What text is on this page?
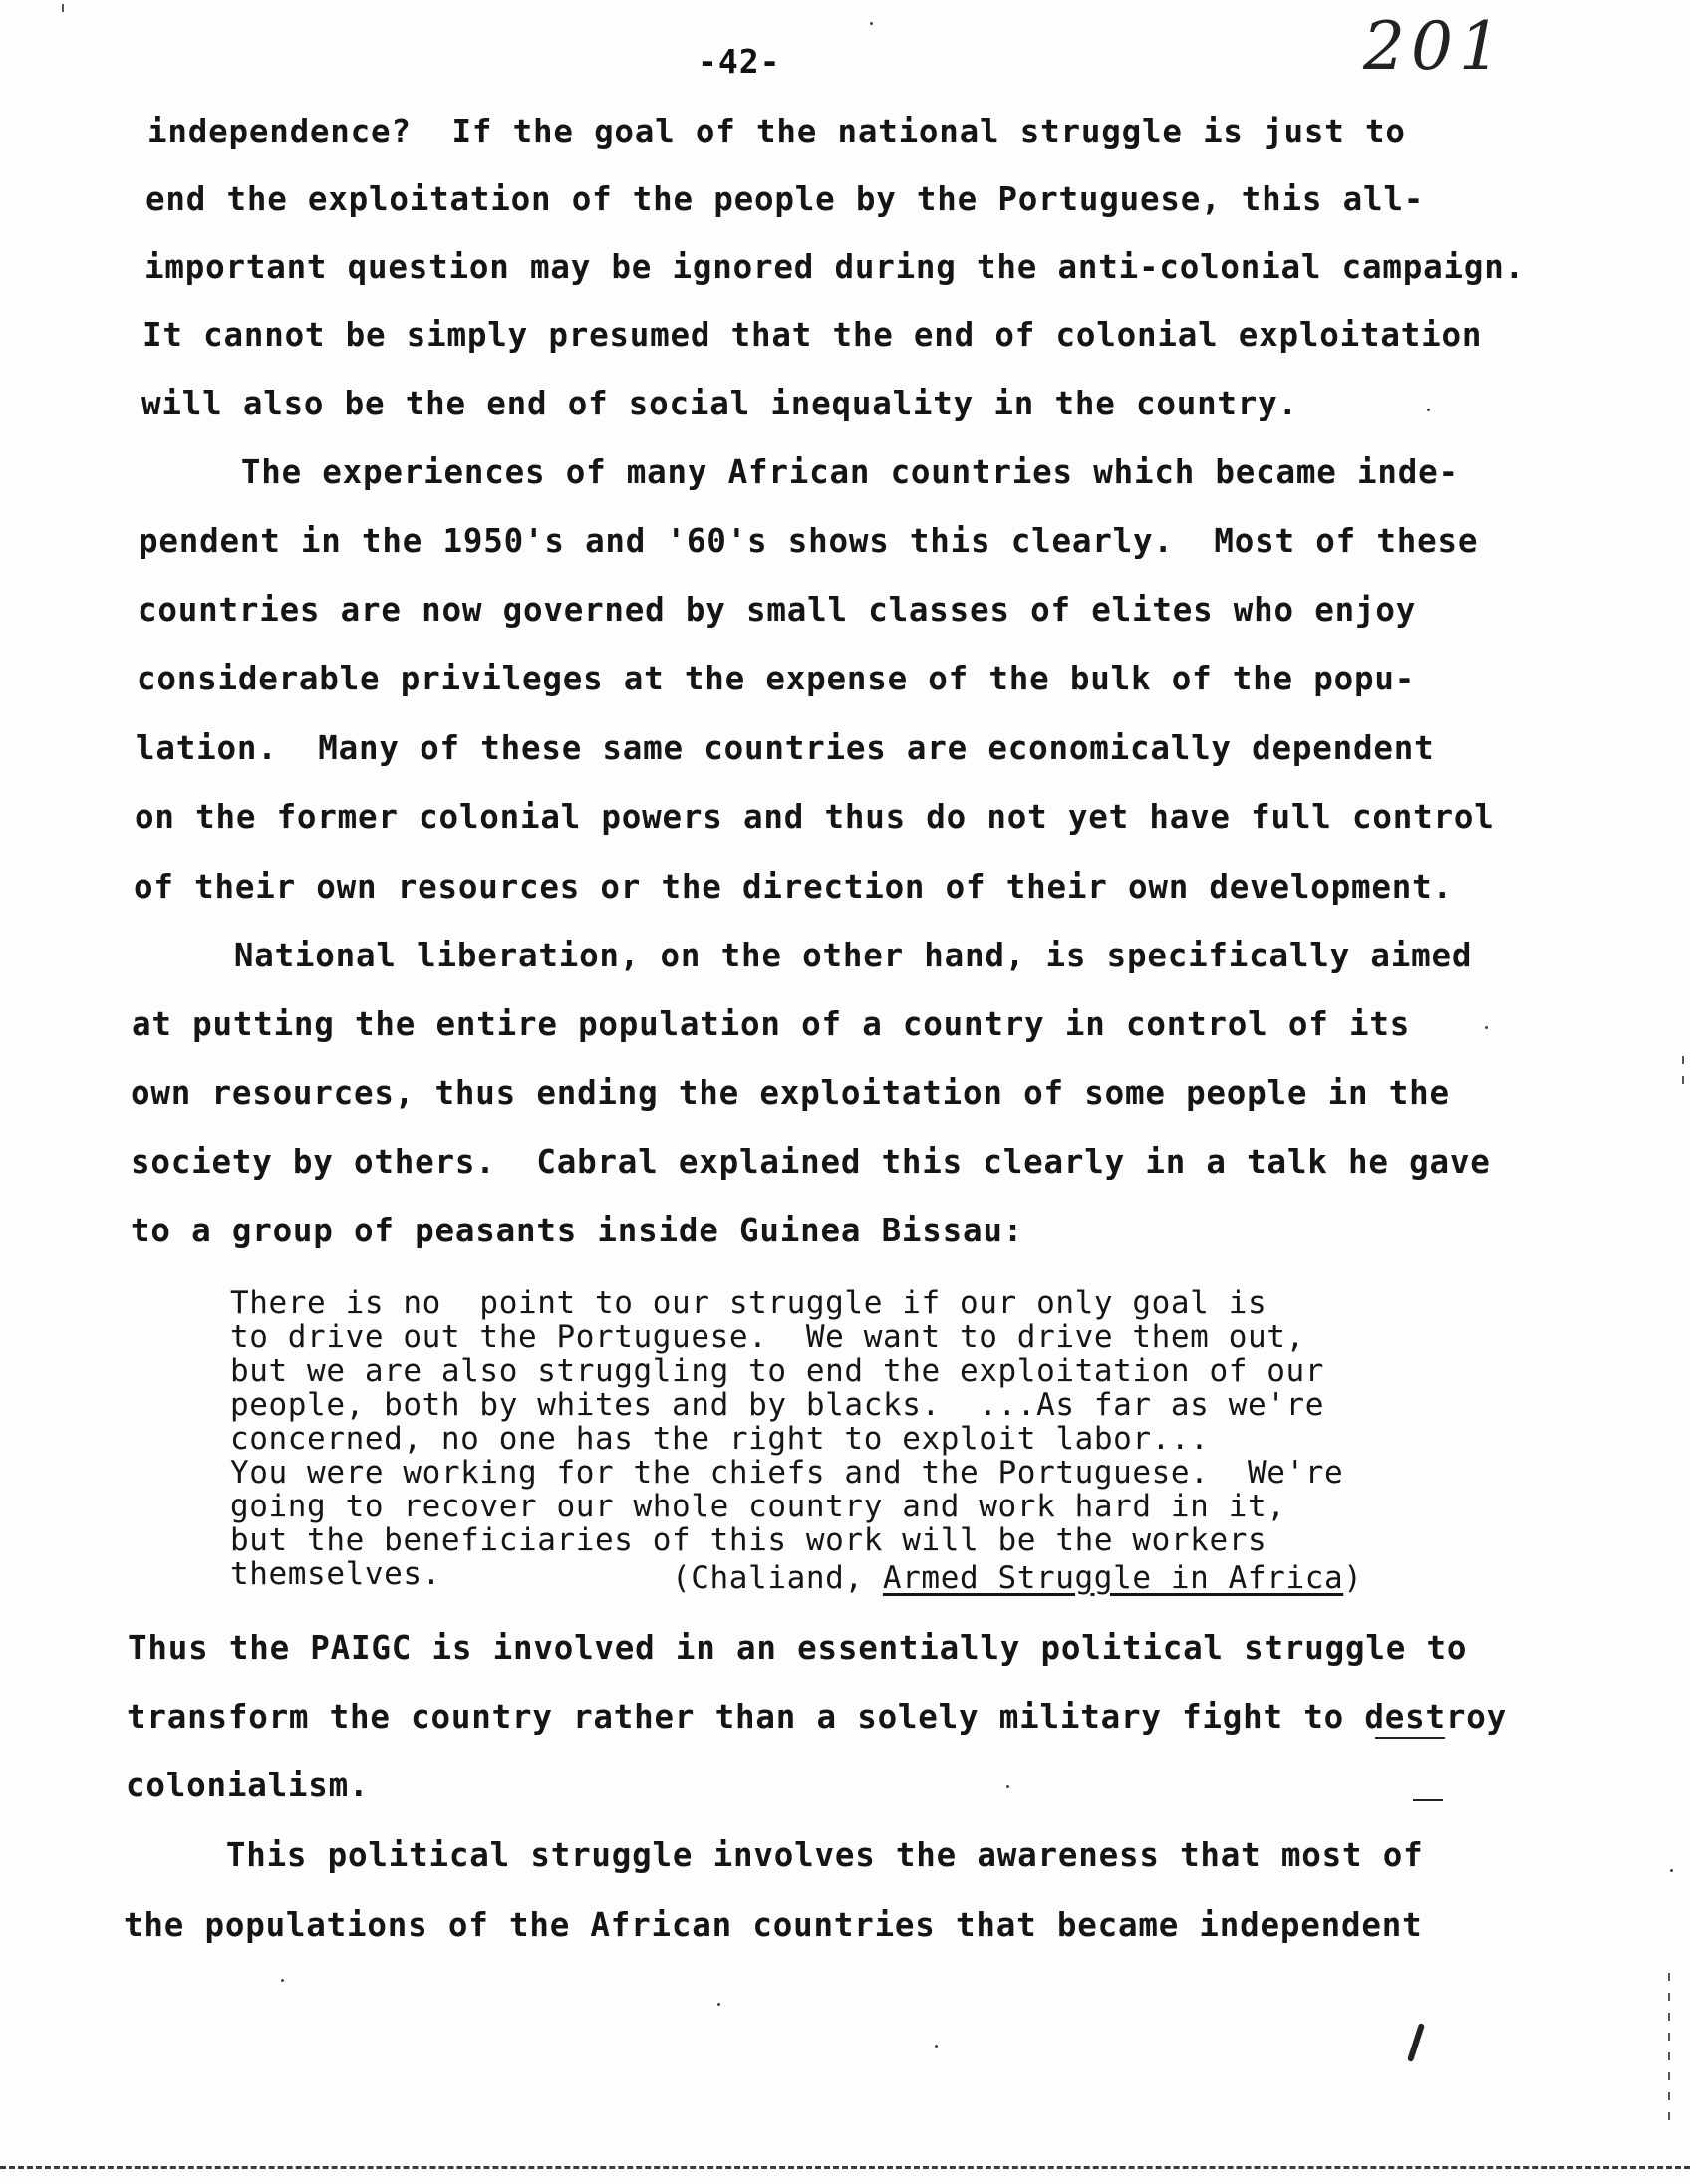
-42-	201
independence?  If the goal of the national struggle is just to
end the exploitation of the people by the Portuguese, this all-
important question may be ignored during the anti-colonial campaign.
It cannot be simply presumed that the end of colonial exploitation
will also be the end of social inequality in the country.
The experiences of many African countries which became inde-
pendent in the 1950's and '60's shows this clearly.  Most of these
countries are now governed by small classes of elites who enjoy
considerable privileges at the expense of the bulk of the popu-
lation.  Many of these same countries are economically dependent
on the former colonial powers and thus do not yet have full control
of their own resources or the direction of their own development.
National liberation, on the other hand, is specifically aimed
at putting the entire population of a country in control of its
own resources, thus ending the exploitation of some people in the
society by others.  Cabral explained this clearly in a talk he gave
to a group of peasants inside Guinea Bissau:
There is no  point to our struggle if our only goal is
to drive out the Portuguese.  We want to drive them out,
but we are also struggling to end the exploitation of our
people, both by whites and by blacks.  ...As far as we're
concerned, no one has the right to exploit labor...
You were working for the chiefs and the Portuguese.  We're
going to recover our whole country and work hard in it,
but the beneficiaries of this work will be the workers
themselves.	(Chaliand, Armed Struggle in Africa)
Thus the PAIGC is involved in an essentially political struggle to
transform the country rather than a solely military fight to destroy
colonialism.
This political struggle involves the awareness that most of
the populations of the African countries that became independent
